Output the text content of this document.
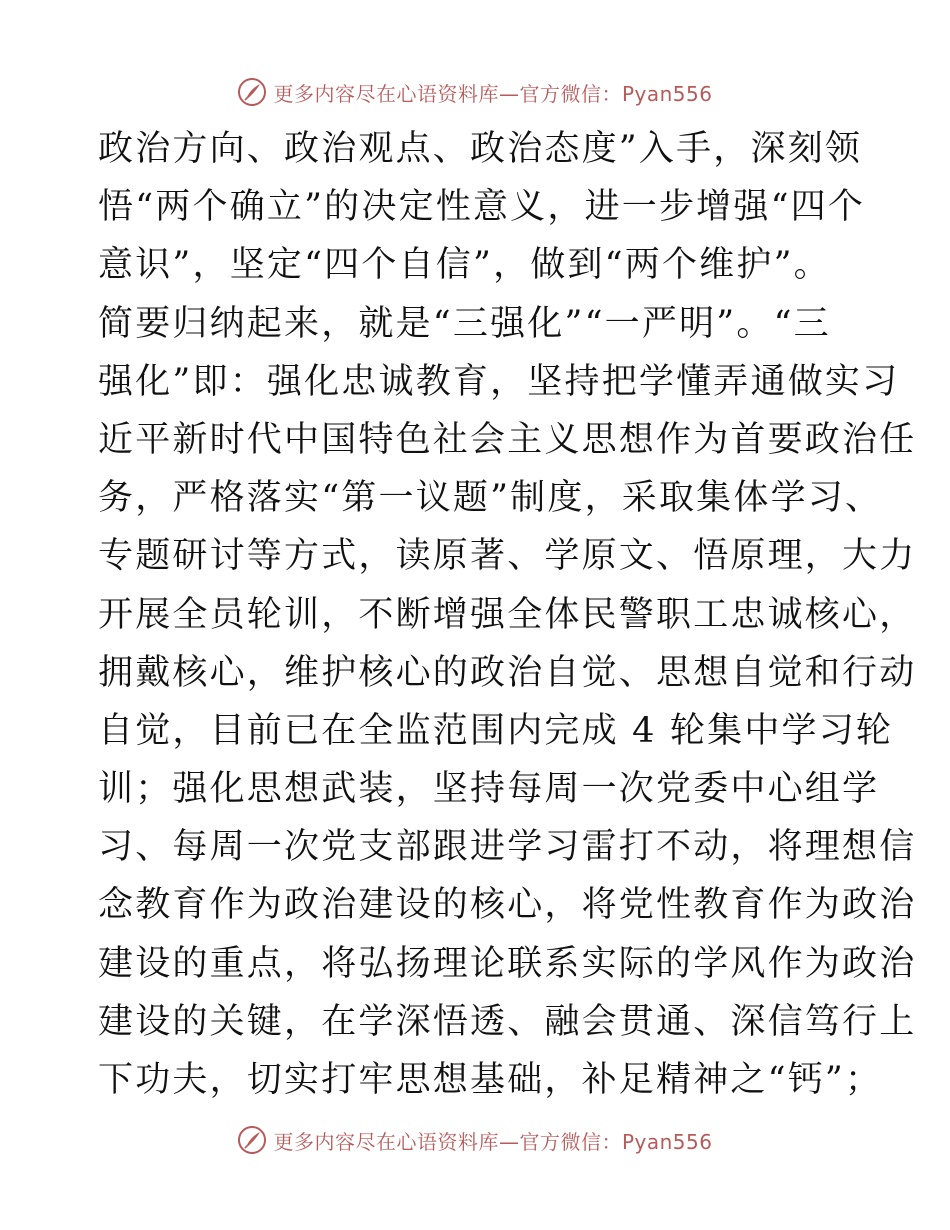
更多内容尽在心语资料库—官方微信：Pyan556
政治方向、政治观点、政治态度”入手，深刻领
悟“两个确立”的决定性意义，进一步增强“四个
意识”，坚定“四个自信”，做到“两个维护”。
简要归纳起来，就是“三强化”“一严明”。“三
强化”即：强化忠诚教育，坚持把学懂弄通做实习
近平新时代中国特色社会主义思想作为首要政治任
务，严格落实“第一议题”制度，采取集体学习、
专题研讨等方式，读原著、学原文、悟原理，大力
开展全员轮训，不断增强全体民警职工忠诚核心，
拥戴核心，维护核心的政治自觉、思想自觉和行动
自觉，目前已在全监范围内完成 4 轮集中学习轮
训；强化思想武装，坚持每周一次党委中心组学
习、每周一次党支部跟进学习雷打不动，将理想信
念教育作为政治建设的核心，将党性教育作为政治
建设的重点，将弘扬理论联系实际的学风作为政治
建设的关键，在学深悟透、融会贯通、深信笃行上
下功夫，切实打牢思想基础，补足精神之“钙”；
更多内容尽在心语资料库—官方微信：Pyan556
